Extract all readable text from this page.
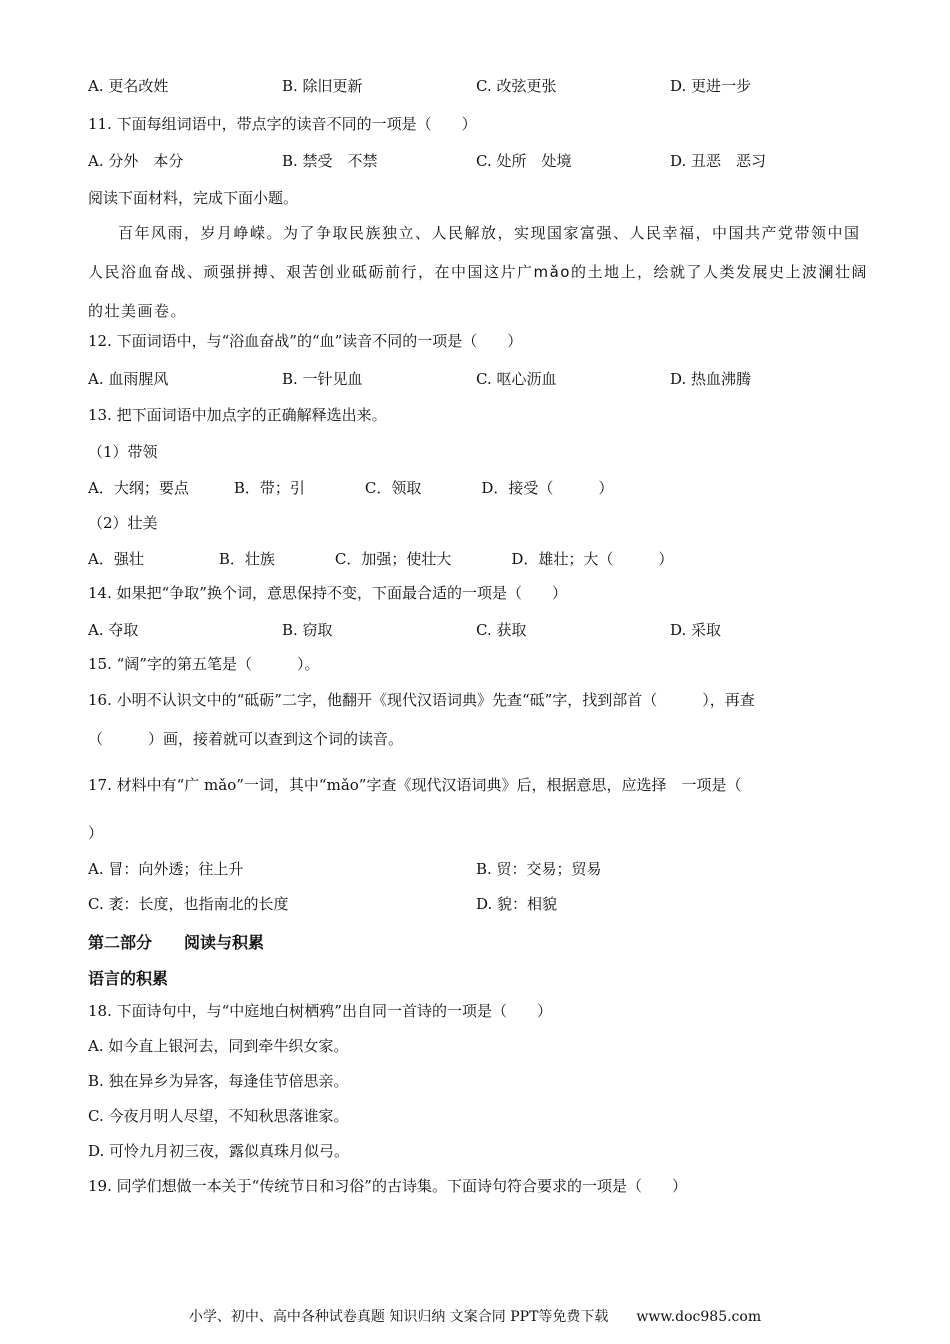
A. 更名改姓	B. 除旧更新	C. 改弦更张	D. 更进一步
11. 下面每组词语中，带点字的读音不同的一项是（　　）
A. 分外　本分	B. 禁受　不禁	C. 处所　处境	D. 丑恶　恶习
阅读下面材料，完成下面小题。

百年风雨，岁月峥嵘。为了争取民族独立、人民解放，实现国家富强、人民幸福，中国共产党带领中国人民浴血奋战、顽强拼搏、艰苦创业砥砺前行，在中国这片广mǎo的土地上，绘就了人类发展史上波澜壮阔的壮美画卷。

12. 下面词语中，与“浴血奋战”的“血”读音不同的一项是（　　）
A. 血雨腥风	B. 一针见血	C. 呕心沥血	D. 热血沸腾
13. 把下面词语中加点字的正确解释选出来。
（1）带领
A．大纲；要点　　　B．带；引　　　　C．领取　　　　D．接受（　　　）
（2）壮美
A．强壮　　　　　B．壮族　　　　C．加强；使壮大　　　　D．雄壮；大（　　　）
14. 如果把“争取”换个词，意思保持不变，下面最合适的一项是（　　）
A. 夺取	B. 窃取	C. 获取	D. 采取
15. “阔”字的第五笔是（　　　）。
16. 小明不认识文中的“砥砺”二字，他翻开《现代汉语词典》先查“砥”字，找到部首（　　　），再查
（　　　）画，接着就可以查到这个词的读音。
17. 材料中有“广 mǎo”一词，其中“mǎo”字查《现代汉语词典》后，根据意思，应选择　一项是（
）
A. 冒：向外透；往上升	B. 贸：交易；贸易
C. 袤：长度，也指南北的长度	D. 貌：相貌
第二部分　　阅读与积累
语言的积累
18. 下面诗句中，与“中庭地白树栖鸦”出自同一首诗的一项是（　　）
A. 如今直上银河去，同到牵牛织女家。
B. 独在异乡为异客，每逢佳节倍思亲。
C. 今夜月明人尽望，不知秋思落谁家。
D. 可怜九月初三夜，露似真珠月似弓。
19. 同学们想做一本关于“传统节日和习俗”的古诗集。下面诗句符合要求的一项是（　　）
小学、初中、高中各种试卷真题 知识归纳 文案合同 PPT等免费下载　　www.doc985.com
